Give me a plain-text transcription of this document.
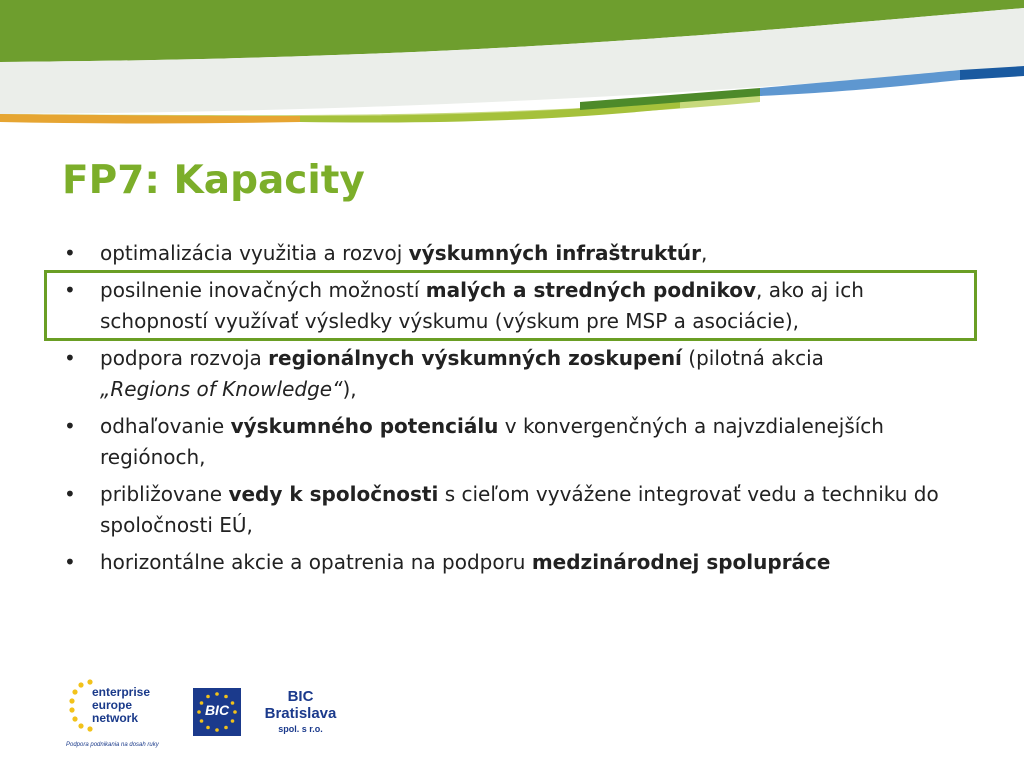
FP7: Kapacity
• optimalizácia využitia a rozvoj výskumných infraštruktúr,
• posilnenie inovačných možností malých a stredných podnikov, ako aj ich schopností využívať výsledky výskumu (výskum pre MSP a asociácie),
• podpora rozvoja regionálnych výskumných zoskupení (pilotná akcia
„Regions of Knowledge“),
• odhaľovanie výskumného potenciálu v konvergenčných a najvzdialenejších regiónoch,
• približovane vedy k spoločnosti s cieľom vyvážene integrovať vedu a techniku do spoločnosti EÚ,
• horizontálne akcie a opatrenia na podporu medzinárodnej spolupráce
enterprise
europe
network
Podpora podnikania na dosah ruky
BIC
BIC
Bratislava
spol. s r.o.
